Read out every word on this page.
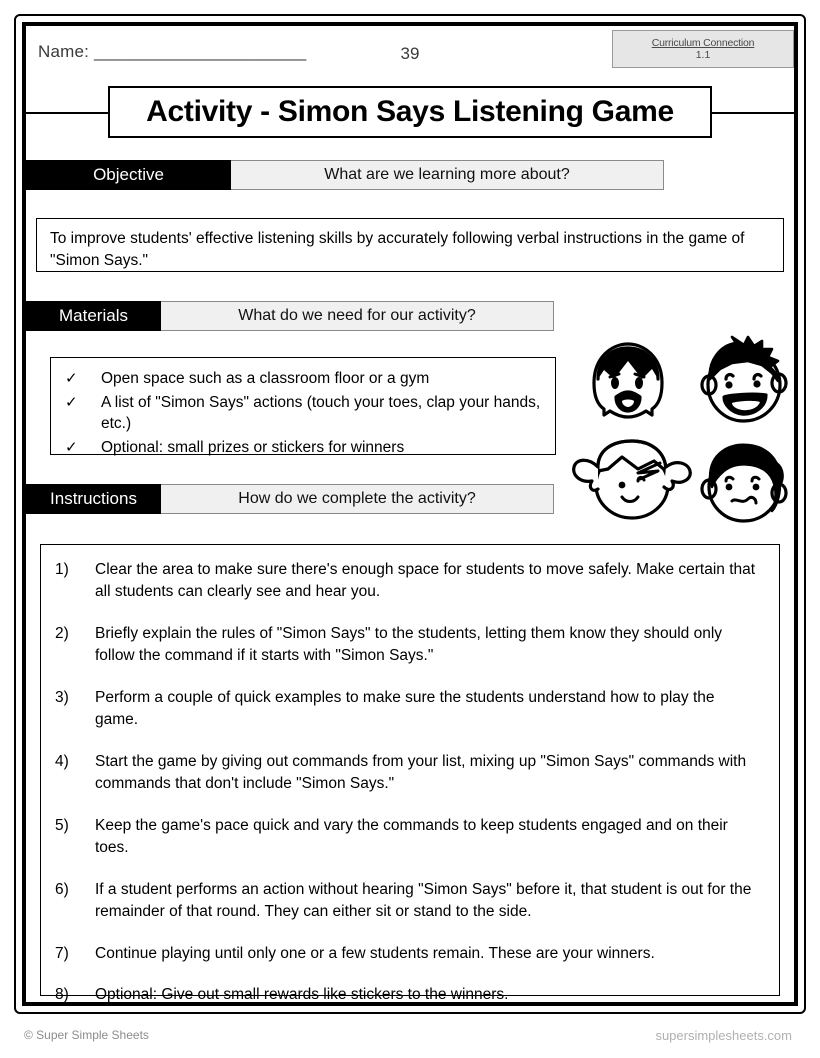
Name: ______________________	39
Curriculum Connection
1.1
Activity - Simon Says Listening Game
Objective	What are we learning more about?
To improve students' effective listening skills by accurately following verbal instructions in the game of "Simon Says."
Materials	What do we need for our activity?
✓	Open space such as a classroom floor or a gym
✓	A list of "Simon Says" actions (touch your toes, clap your hands, etc.)
✓	Optional: small prizes or stickers for winners
Instructions	How do we complete the activity?
1)	Clear the area to make sure there's enough space for students to move safely. Make certain that all students can clearly see and hear you.
2)	Briefly explain the rules of "Simon Says" to the students, letting them know they should only follow the command if it starts with "Simon Says."
3)	Perform a couple of quick examples to make sure the students understand how to play the game.
4)	Start the game by giving out commands from your list, mixing up "Simon Says" commands with commands that don't include "Simon Says."
5)	Keep the game's pace quick and vary the commands to keep students engaged and on their toes.
6)	If a student performs an action without hearing "Simon Says" before it, that student is out for the remainder of that round. They can either sit or stand to the side.
7)	Continue playing until only one or a few students remain. These are your winners.
8)	Optional: Give out small rewards like stickers to the winners.
© Super Simple Sheets	supersimplesheets.com
